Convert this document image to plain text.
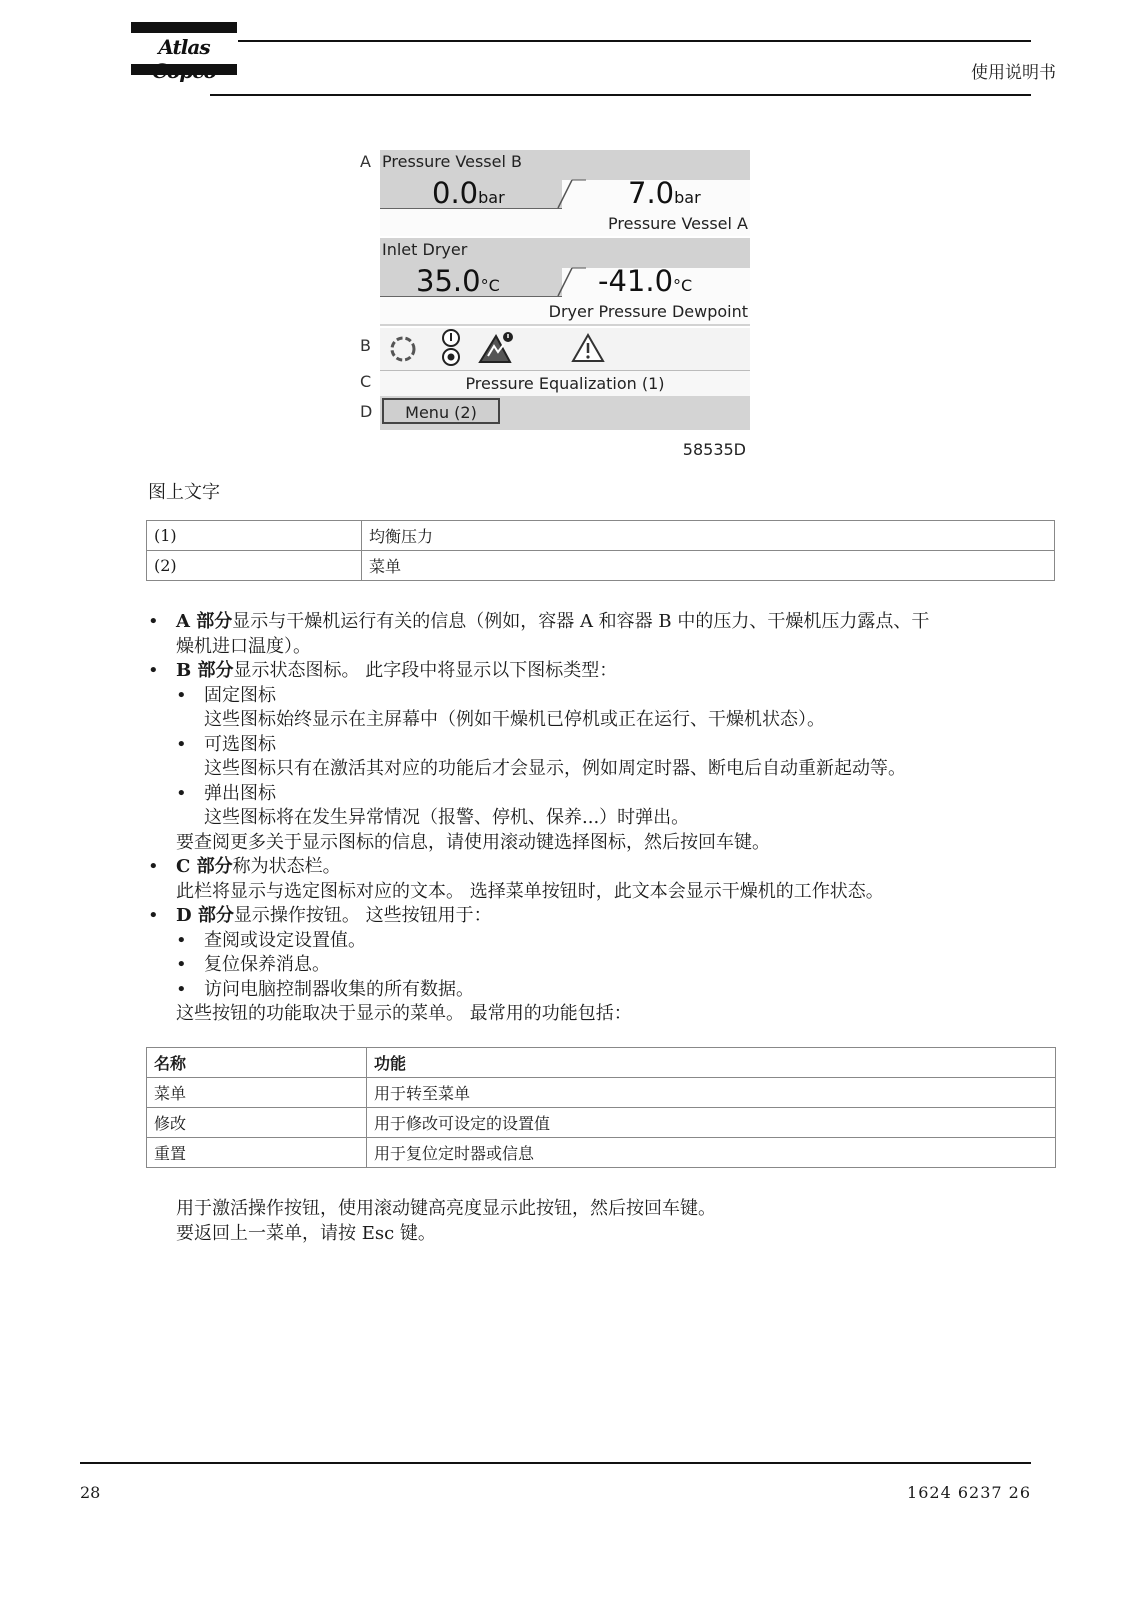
Atlas
使用说明书
A
B
C
D
Pressure Vessel B
0.0bar	7.0bar
Pressure Vessel A
Inlet Dryer
35.0°C	-41.0°C
Dryer Pressure Dewpoint
Pressure Equalization (1)
Menu (2)
58535D
图上文字
(1)	均衡压力
(2)	菜单
• A 部分显示与干燥机运行有关的信息（例如，容器 A 和容器 B 中的压力、干燥机压力露点、干
燥机进口温度）。
• B 部分显示状态图标。 此字段中将显示以下图标类型：
• 固定图标
这些图标始终显示在主屏幕中（例如干燥机已停机或正在运行、干燥机状态）。
• 可选图标
这些图标只有在激活其对应的功能后才会显示，例如周定时器、断电后自动重新起动等。
• 弹出图标
这些图标将在发生异常情况（报警、停机、保养...）时弹出。
要查阅更多关于显示图标的信息，请使用滚动键选择图标，然后按回车键。
• C 部分称为状态栏。
此栏将显示与选定图标对应的文本。 选择菜单按钮时，此文本会显示干燥机的工作状态。
• D 部分显示操作按钮。 这些按钮用于：
• 查阅或设定设置值。
• 复位保养消息。
• 访问电脑控制器收集的所有数据。
这些按钮的功能取决于显示的菜单。 最常用的功能包括：
名称	功能
菜单	用于转至菜单
修改	用于修改可设定的设置值
重置	用于复位定时器或信息
用于激活操作按钮，使用滚动键高亮度显示此按钮，然后按回车键。
要返回上一菜单，请按 Esc 键。
28	1624 6237 26
